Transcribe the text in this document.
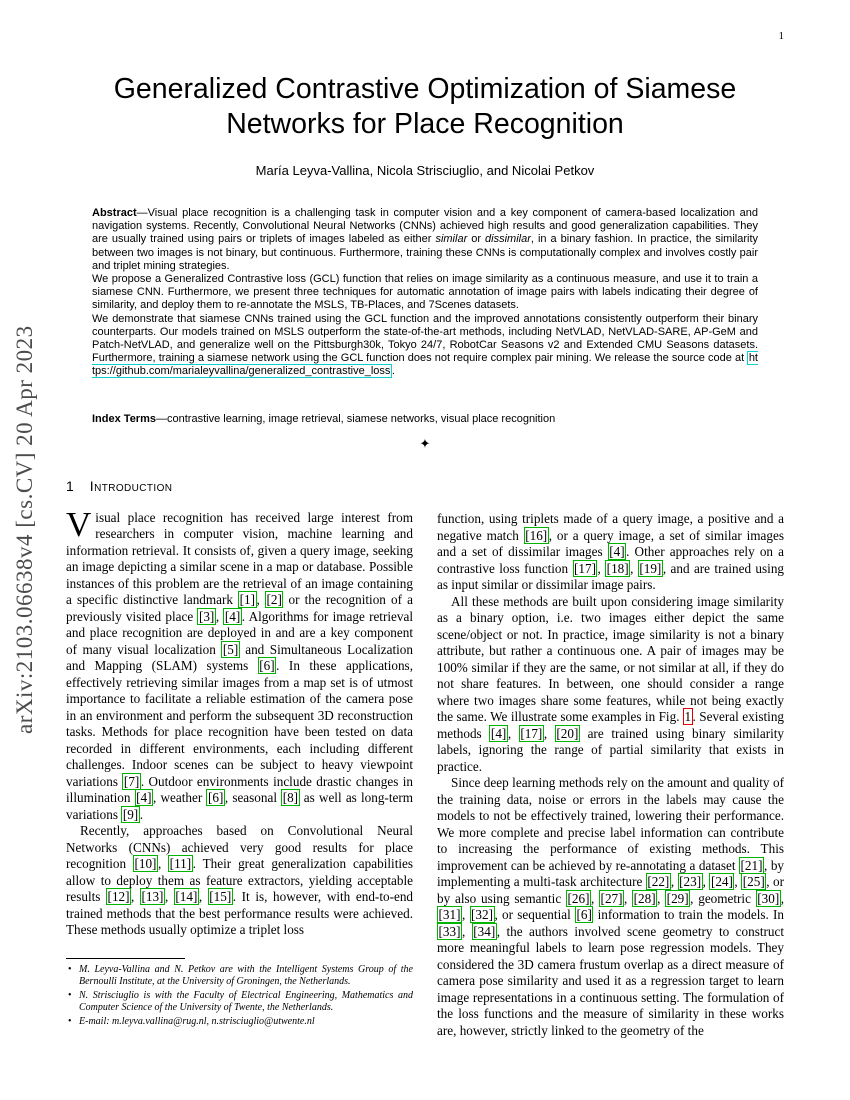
1
arXiv:2103.06638v4 [cs.CV] 20 Apr 2023
Generalized Contrastive Optimization of Siamese Networks for Place Recognition
María Leyva-Vallina, Nicola Strisciuglio, and Nicolai Petkov
Abstract—Visual place recognition is a challenging task in computer vision and a key component of camera-based localization and navigation systems. Recently, Convolutional Neural Networks (CNNs) achieved high results and good generalization capabilities. They are usually trained using pairs or triplets of images labeled as either similar or dissimilar, in a binary fashion. In practice, the similarity between two images is not binary, but continuous. Furthermore, training these CNNs is computationally complex and involves costly pair and triplet mining strategies.
We propose a Generalized Contrastive loss (GCL) function that relies on image similarity as a continuous measure, and use it to train a siamese CNN. Furthermore, we present three techniques for automatic annotation of image pairs with labels indicating their degree of similarity, and deploy them to re-annotate the MSLS, TB-Places, and 7Scenes datasets.
We demonstrate that siamese CNNs trained using the GCL function and the improved annotations consistently outperform their binary counterparts. Our models trained on MSLS outperform the state-of-the-art methods, including NetVLAD, NetVLAD-SARE, AP-GeM and Patch-NetVLAD, and generalize well on the Pittsburgh30k, Tokyo 24/7, RobotCar Seasons v2 and Extended CMU Seasons datasets. Furthermore, training a siamese network using the GCL function does not require complex pair mining. We release the source code at https://github.com/marialeyvallina/generalized_contrastive_loss .
Index Terms—contrastive learning, image retrieval, siamese networks, visual place recognition
✦
1 Introduction
Visual place recognition has received large interest from researchers in computer vision, machine learning and information retrieval. It consists of, given a query image, seeking an image depicting a similar scene in a map or database. Possible instances of this problem are the retrieval of an image containing a specific distinctive landmark [1] , [2] or the recognition of a previously visited place [3] , [4] . Algorithms for image retrieval and place recognition are deployed in and are a key component of many visual localization [5] and Simultaneous Localization and Mapping (SLAM) systems [6] . In these applications, effectively retrieving similar images from a map set is of utmost importance to facilitate a reliable estimation of the camera pose in an environment and perform the subsequent 3D reconstruction tasks. Methods for place recognition have been tested on data recorded in different environments, each including different challenges. Indoor scenes can be subject to heavy viewpoint variations [7] . Outdoor environments include drastic changes in illumination [4] , weather [6] , seasonal [8] as well as long-term variations [9] .
Recently, approaches based on Convolutional Neural Networks (CNNs) achieved very good results for place recognition [10] , [11] . Their great generalization capabilities allow to deploy them as feature extractors, yielding acceptable results [12] , [13] , [14] , [15] . It is, however, with end-to-end trained methods that the best performance results were achieved. These methods usually optimize a triplet loss
function, using triplets made of a query image, a positive and a negative match [16] , or a query image, a set of similar images and a set of dissimilar images [4] . Other approaches rely on a contrastive loss function [17] , [18] , [19] , and are trained using as input similar or dissimilar image pairs.
All these methods are built upon considering image similarity as a binary option, i.e. two images either depict the same scene/object or not. In practice, image similarity is not a binary attribute, but rather a continuous one. A pair of images may be 100% similar if they are the same, or not similar at all, if they do not share features. In between, one should consider a range where two images share some features, while not being exactly the same. We illustrate some examples in Fig. 1 . Several existing methods [4] , [17] , [20] are trained using binary similarity labels, ignoring the range of partial similarity that exists in practice.
Since deep learning methods rely on the amount and quality of the training data, noise or errors in the labels may cause the models to not be effectively trained, lowering their performance. We more complete and precise label information can contribute to increasing the performance of existing methods. This improvement can be achieved by re-annotating a dataset [21] , by implementing a multi-task architecture [22] , [23] , [24] , [25] , or by also using semantic [26] , [27] , [28] , [29] , geometric [30] , [31] , [32] , or sequential [6] information to train the models. In [33] , [34] , the authors involved scene geometry to construct more meaningful labels to learn pose regression models. They considered the 3D camera frustum overlap as a direct measure of camera pose similarity and used it as a regression target to learn image representations in a continuous setting. The formulation of the loss functions and the measure of similarity in these works are, however, strictly linked to the geometry of the
• M. Leyva-Vallina and N. Petkov are with the Intelligent Systems Group of the Bernoulli Institute, at the University of Groningen, the Netherlands.
• N. Strisciuglio is with the Faculty of Electrical Engineering, Mathematics and Computer Science of the University of Twente, the Netherlands.
• E-mail: m.leyva.vallina@rug.nl, n.strisciuglio@utwente.nl
